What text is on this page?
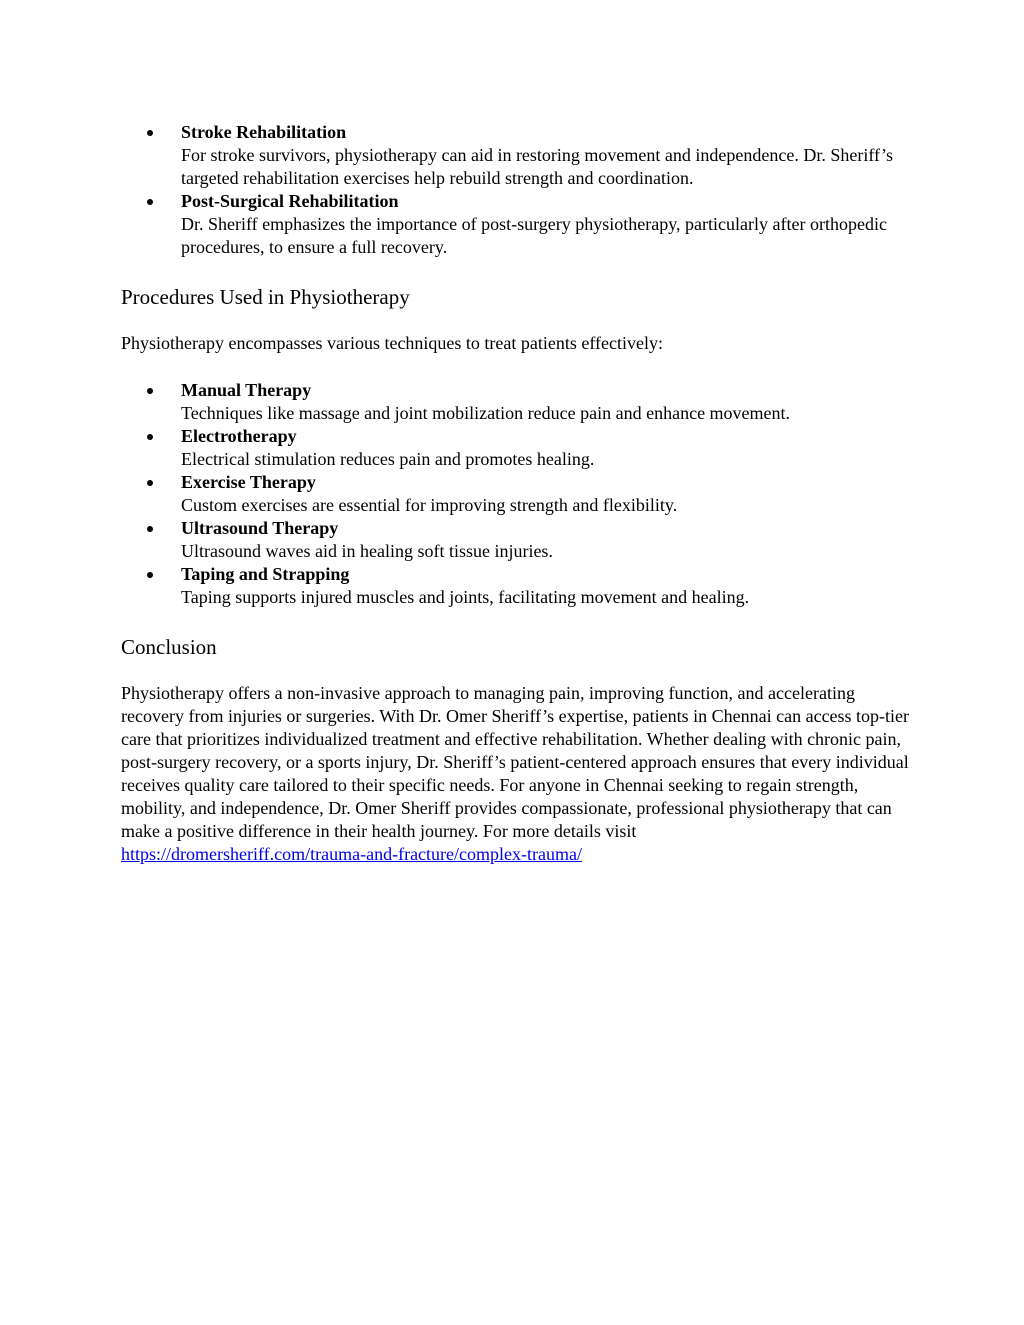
Stroke Rehabilitation
For stroke survivors, physiotherapy can aid in restoring movement and independence. Dr. Sheriff’s targeted rehabilitation exercises help rebuild strength and coordination.
Post-Surgical Rehabilitation
Dr. Sheriff emphasizes the importance of post-surgery physiotherapy, particularly after orthopedic procedures, to ensure a full recovery.
Procedures Used in Physiotherapy

Physiotherapy encompasses various techniques to treat patients effectively:

Manual Therapy
Techniques like massage and joint mobilization reduce pain and enhance movement.
Electrotherapy
Electrical stimulation reduces pain and promotes healing.
Exercise Therapy
Custom exercises are essential for improving strength and flexibility.
Ultrasound Therapy
Ultrasound waves aid in healing soft tissue injuries.
Taping and Strapping
Taping supports injured muscles and joints, facilitating movement and healing.
Conclusion

Physiotherapy offers a non-invasive approach to managing pain, improving function, and accelerating recovery from injuries or surgeries. With Dr. Omer Sheriff’s expertise, patients in Chennai can access top-tier care that prioritizes individualized treatment and effective rehabilitation. Whether dealing with chronic pain, post-surgery recovery, or a sports injury, Dr. Sheriff’s patient-centered approach ensures that every individual receives quality care tailored to their specific needs. For anyone in Chennai seeking to regain strength, mobility, and independence, Dr. Omer Sheriff provides compassionate, professional physiotherapy that can make a positive difference in their health journey. For more details visit
https://dromersheriff.com/trauma-and-fracture/complex-trauma/
